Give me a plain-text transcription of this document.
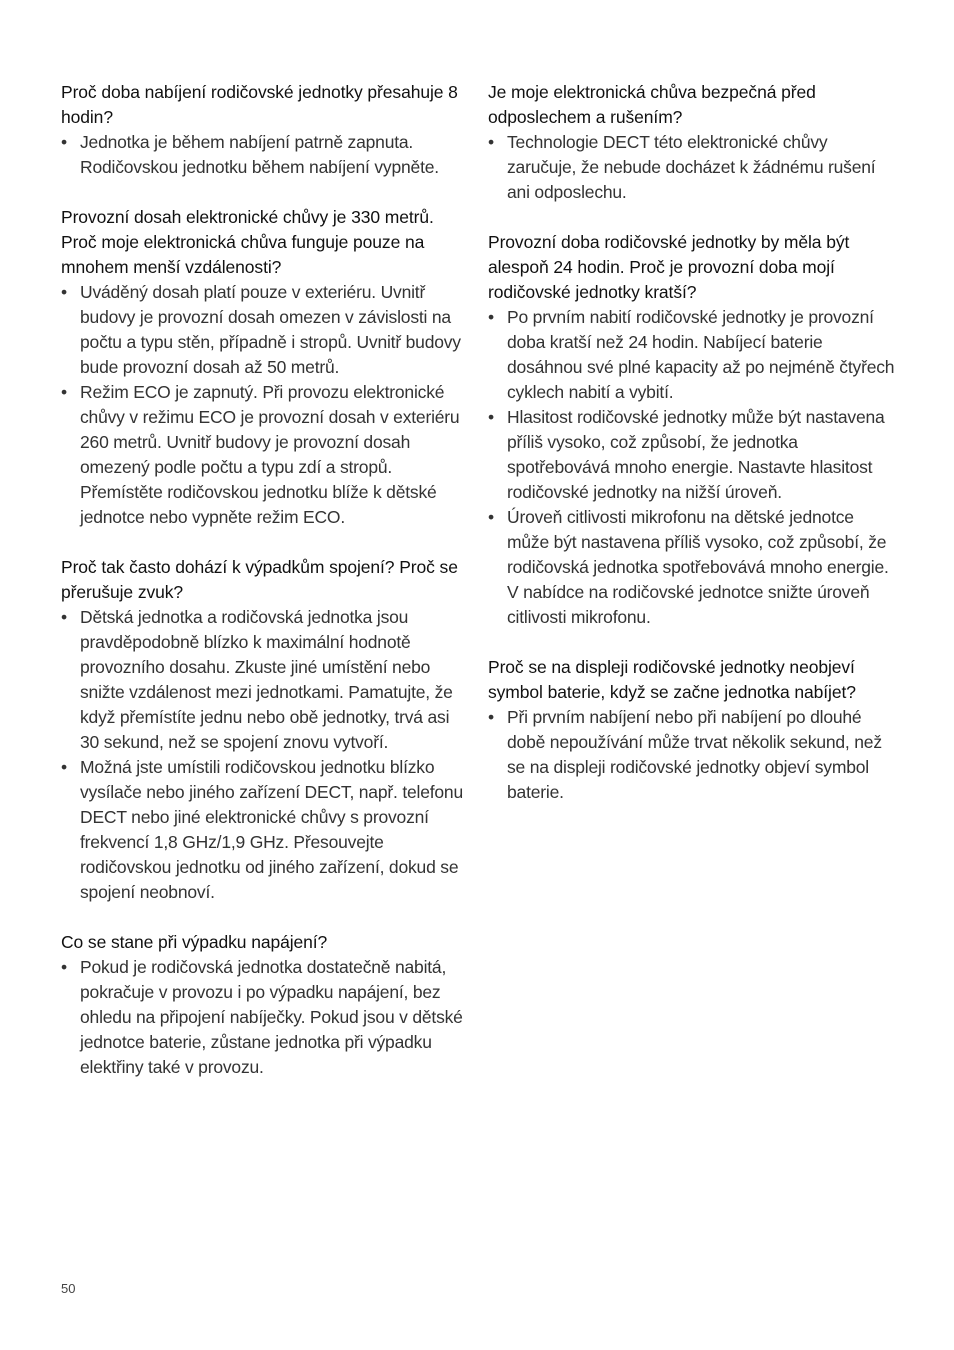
Proč doba nabíjení rodičovské jednotky přesahuje 8 hodin?
• Jednotka je během nabíjení patrně zapnuta. Rodičovskou jednotku během nabíjení vypněte.
Provozní dosah elektronické chůvy je 330 metrů. Proč moje elektronická chůva funguje pouze na mnohem menší vzdálenosti?
• Uváděný dosah platí pouze v exteriéru. Uvnitř budovy je provozní dosah omezen v závislosti na počtu a typu stěn, případně i stropů. Uvnitř budovy bude provozní dosah až 50 metrů.
• Režim ECO je zapnutý. Při provozu elektronické chůvy v režimu ECO je provozní dosah v exteriéru 260 metrů. Uvnitř budovy je provozní dosah omezený podle počtu a typu zdí a stropů. Přemístěte rodičovskou jednotku blíže k dětské jednotce nebo vypněte režim ECO.
Proč tak často dohází k výpadkům spojení? Proč se přerušuje zvuk?
• Dětská jednotka a rodičovská jednotka jsou pravděpodobně blízko k maximální hodnotě provozního dosahu. Zkuste jiné umístění nebo snižte vzdálenost mezi jednotkami. Pamatujte, že když přemístíte jednu nebo obě jednotky, trvá asi 30 sekund, než se spojení znovu vytvoří.
• Možná jste umístili rodičovskou jednotku blízko vysílače nebo jiného zařízení DECT, např. telefonu DECT nebo jiné elektronické chůvy s provozní frekvencí 1,8 GHz/1,9 GHz. Přesouvejte rodičovskou jednotku od jiného zařízení, dokud se spojení neobnoví.
Co se stane při výpadku napájení?
• Pokud je rodičovská jednotka dostatečně nabitá, pokračuje v provozu i po výpadku napájení, bez ohledu na připojení nabíječky. Pokud jsou v dětské jednotce baterie, zůstane jednotka při výpadku elektřiny také v provozu.
Je moje elektronická chůva bezpečná před odposlechem a rušením?
• Technologie DECT této elektronické chůvy zaručuje, že nebude docházet k žádnému rušení ani odposlechu.
Provozní doba rodičovské jednotky by měla být alespoň 24 hodin. Proč je provozní doba mojí rodičovské jednotky kratší?
• Po prvním nabití rodičovské jednotky je provozní doba kratší než 24 hodin. Nabíjecí baterie dosáhnou své plné kapacity až po nejméně čtyřech cyklech nabití a vybití.
• Hlasitost rodičovské jednotky může být nastavena příliš vysoko, což způsobí, že jednotka spotřebovává mnoho energie. Nastavte hlasitost rodičovské jednotky na nižší úroveň.
• Úroveň citlivosti mikrofonu na dětské jednotce může být nastavena příliš vysoko, což způsobí, že rodičovská jednotka spotřebovává mnoho energie. V nabídce na rodičovské jednotce snižte úroveň citlivosti mikrofonu.
Proč se na displeji rodičovské jednotky neobjeví symbol baterie, když se začne jednotka nabíjet?
• Při prvním nabíjení nebo při nabíjení po dlouhé době nepoužívání může trvat několik sekund, než se na displeji rodičovské jednotky objeví symbol baterie.
50
